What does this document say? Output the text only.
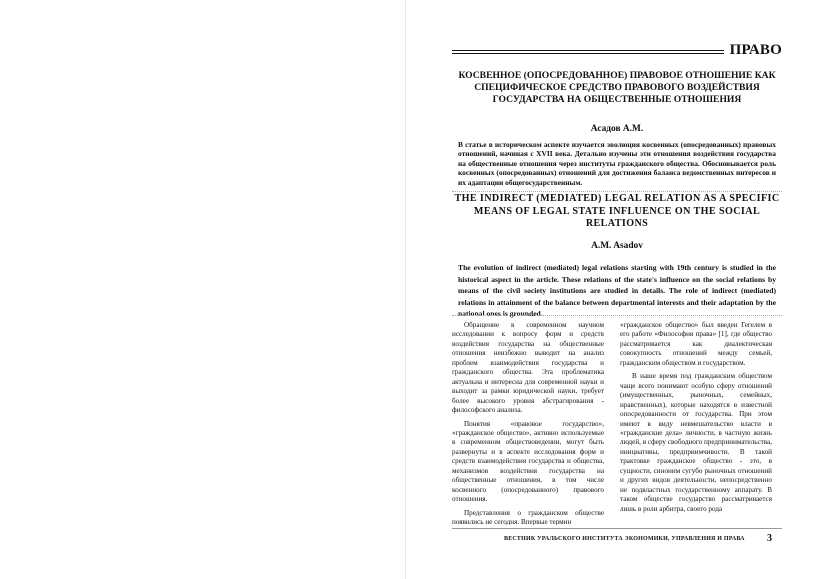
ПРАВО
КОСВЕННОЕ (ОПОСРЕДОВАННОЕ) ПРАВОВОЕ ОТНОШЕНИЕ КАК СПЕЦИФИЧЕСКОЕ СРЕДСТВО ПРАВОВОГО ВОЗДЕЙСТВИЯ ГОСУДАРСТВА НА ОБЩЕСТВЕННЫЕ ОТНОШЕНИЯ
Асадов А.М.
В статье в историческом аспекте изучается эволюция косвенных (опосредованных) правовых отношений, начиная с XVII века. Детально изучены эти отношения воздействия государства на общественные отношения через институты гражданского общества. Обосновывается роль косвенных (опосредованных) отношений для достижения баланса ведомственных интересов и их адаптации общегосударственным.
THE INDIRECT (MEDIATED) LEGAL RELATION AS A SPECIFIC MEANS OF LEGAL STATE INFLUENCE ON THE SOCIAL RELATIONS
A.M. Asadov
The evolution of indirect (mediated) legal relations starting with 19th century is studied in the historical aspect in the article. These relations of the state's influence on the social relations by means of the civil society institutions are studied in details. The role of indirect (mediated) relations in attainment of the balance between departmental interests and their adaptation by the national ones is grounded.

Обращение в современном научном исследовании к вопросу форм и средств воздействия государства на общественные отношения неизбежно выводит на анализ проблем взаимодействия государства и гражданского общества. Эта проблематика актуальна и интересна для современной науки и выходит за рамки юридической науки, требует более высокого уровня абстрагирования - философского анализа.

Понятия «правовое государство», «гражданское общество», активно используемые в современном обществоведении, могут быть развернуты и в аспекте исследования форм и средств взаимодействия государства и общества, механизмов воздействия государства на общественные отношения, в том числе косвенного (опосредованного) правового отношения.

Представления о гражданском обществе появились не сегодня. Впервые термин

«гражданское общество» был введен Гегелем в его работе «Философия права» [1], где общество рассматривается как диалектическая совокупность отношений между семьей, гражданским обществом и государством.

В наше время под гражданским обществом чаще всего понимают особую сферу отношений (имущественных, рыночных, семейных, нравственных), которые находятся в известной опосредованности от государства. При этом имеют в виду невмешательство власти в «гражданские дела» личности, в частную жизнь людей, в сферу свободного предпринимательства, инициативы, предприимчивости. В такой трактовке гражданское общество - это, в сущности, синоним сугубо рыночных отношений и других видов деятельности, непосредственно не подвластных государственному аппарату. В таком обществе государство рассматривается лишь в роли арбитра, своего рода

ВЕСТНИК УРАЛЬСКОГО ИНСТИТУТА ЭКОНОМИКИ, УПРАВЛЕНИЯ И ПРАВА 3
